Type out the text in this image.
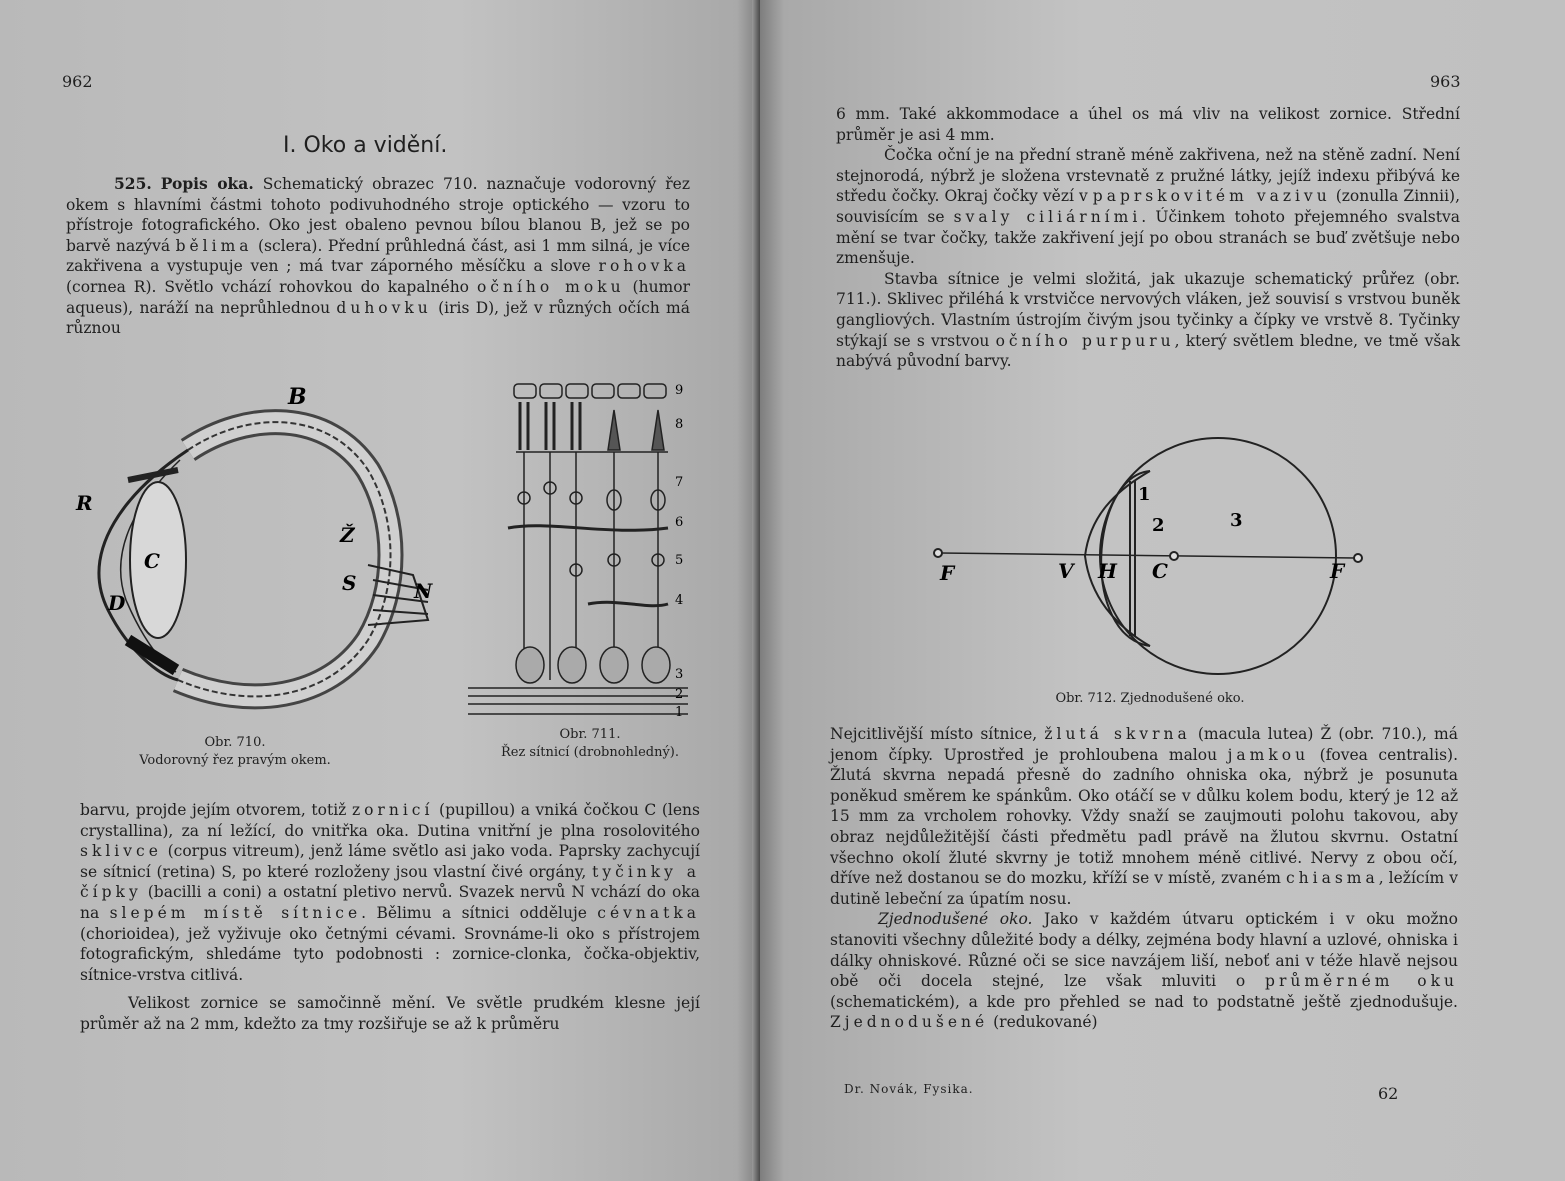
962
I. Oko a vidění.

525. Popis oka. Schematický obrazec 710. naznačuje vodorovný řez okem s hlavními částmi tohoto podivuhodného stroje optického — vzoru to přístroje fotografického. Oko jest obaleno pevnou bílou blanou B, jež se po barvě nazývá bělima (sclera). Přední průhledná část, asi 1 mm silná, je více zakřivena a vystupuje ven ; má tvar záporného měsíčku a slove rohovka (cornea R). Světlo vchází rohovkou do kapalného očního moku (humor aqueus), naráží na neprůhlednou duhovku (iris D), jež v různých očích má různou

B
R
C
D
Ž
S	N
Obr. 710.
Vodorovný řez pravým okem.
9
8
7
6
5
4
3
2
1
Obr. 711.
Řez sítnicí (drobnohledný).

barvu, projde jejím otvorem, totiž zornicí (pupillou) a vniká čočkou C (lens crystallina), za ní ležící, do vnitřka oka. Dutina vnitřní je plna rosolovitého sklivce (corpus vitreum), jenž láme světlo asi jako voda. Paprsky zachycují se sítnicí (retina) S, po které rozloženy jsou vlastní čivé orgány, tyčinky a čípky (bacilli a coni) a ostatní pletivo nervů. Svazek nervů N vchází do oka na slepém místě sítnice. Bělimu a sítnici odděluje cévnatka (chorioidea), jež vyživuje oko četnými cévami. Srovnáme-li oko s přístrojem fotografickým, shledáme tyto podobnosti : zornice-clonka, čočka-objektiv, sítnice-vrstva citlivá.

Velikost zornice se samočinně mění. Ve světle prudkém klesne její průměr až na 2 mm, kdežto za tmy rozšiřuje se až k průměru

963

6 mm. Také akkommodace a úhel os má vliv na velikost zornice. Střední průměr je asi 4 mm.

Čočka oční je na přední straně méně zakřivena, než na stěně zadní. Není stejnorodá, nýbrž je složena vrstevnatě z pružné látky, jejíž indexu přibývá ke středu čočky. Okraj čočky vězí v paprskovitém vazivu (zonulla Zinnii), souvisícím se svaly ciliárními. Účinkem tohoto přejemného svalstva mění se tvar čočky, takže zakřivení její po obou stranách se buď zvětšuje nebo zmenšuje.

Stavba sítnice je velmi složitá, jak ukazuje schematický průřez (obr. 711.). Sklivec přiléhá k vrstvičce nervových vláken, jež souvisí s vrstvou buněk gangliových. Vlastním ústrojím čivým jsou tyčinky a čípky ve vrstvě 8. Tyčinky stýkají se s vrstvou očního purpuru, který světlem bledne, ve tmě však nabývá původní barvy.

F	V H C	F
1
2	3
Obr. 712. Zjednodušené oko.

Nejcitlivější místo sítnice, žlutá skvrna (macula lutea) Ž (obr. 710.), má jenom čípky. Uprostřed je prohloubena malou jamkou (fovea centralis). Žlutá skvrna nepadá přesně do zadního ohniska oka, nýbrž je posunuta poněkud směrem ke spánkům. Oko otáčí se v důlku kolem bodu, který je 12 až 15 mm za vrcholem rohovky. Vždy snaží se zaujmouti polohu takovou, aby obraz nejdůležitější části předmětu padl právě na žlutou skvrnu. Ostatní všechno okolí žluté skvrny je totiž mnohem méně citlivé. Nervy z obou očí, dříve než dostanou se do mozku, kříží se v místě, zvaném chiasma, ležícím v dutině lebeční za úpatím nosu.

Zjednodušené oko. Jako v každém útvaru optickém i v oku možno stanoviti všechny důležité body a délky, zejména body hlavní a uzlové, ohniska i dálky ohniskové. Různé oči se sice navzájem liší, neboť ani v téže hlavě nejsou obě oči docela stejné, lze však mluviti o průměrném oku (schematickém), a kde pro přehled se nad to podstatně ještě zjednodušuje. Zjednodušené (redukované)

Dr. Novák, Fysika.	62
